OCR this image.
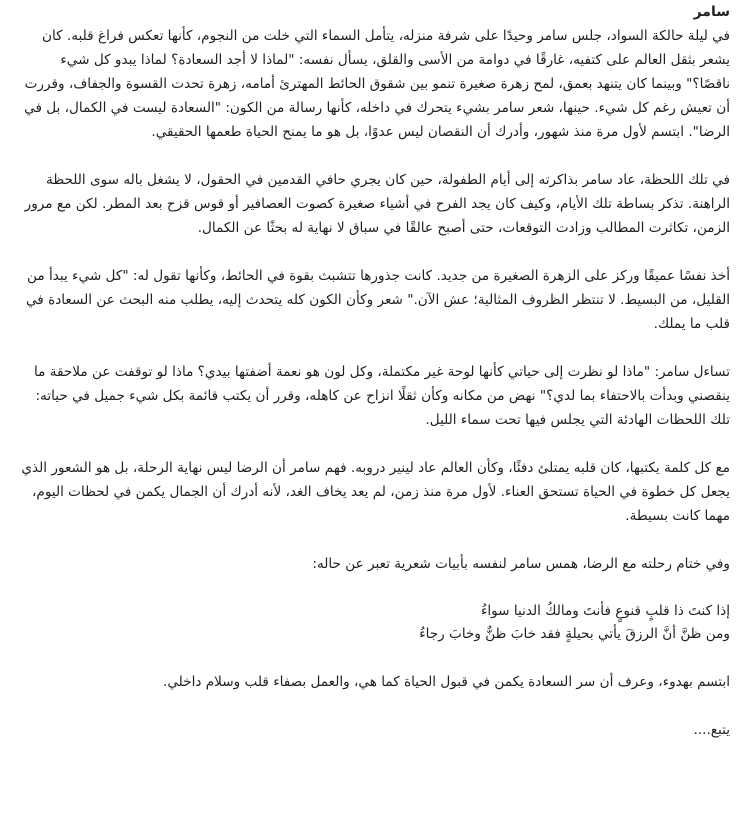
سامر

في ليلة حالكة السواد، جلس سامر وحيدًا على شرفة منزله، يتأمل السماء التي خلت من النجوم، كأنها تعكس فراغ قلبه. كان يشعر بثقل العالم على كتفيه، غارقًا في دوامة من الأسى والقلق، يسأل نفسه: "لماذا لا أجد السعادة؟ لماذا يبدو كل شيء ناقصًا؟" وبينما كان يتنهد بعمق، لمح زهرة صغيرة تنمو بين شقوق الحائط المهترئ أمامه، زهرة تحدت القسوة والجفاف، وقررت أن تعيش رغم كل شيء. حينها، شعر سامر بشيء يتحرك في داخله، كأنها رسالة من الكون: "السعادة ليست في الكمال، بل في الرضا". ابتسم لأول مرة منذ شهور، وأدرك أن النقصان ليس عدوًا، بل هو ما يمنح الحياة طعمها الحقيقي.

في تلك اللحظة، عاد سامر بذاكرته إلى أيام الطفولة، حين كان يجري حافي القدمين في الحقول، لا يشغل باله سوى اللحظة الراهنة. تذكر بساطة تلك الأيام، وكيف كان يجد الفرح في أشياء صغيرة كصوت العصافير أو قوس قزح بعد المطر. لكن مع مرور الزمن، تكاثرت المطالب وزادت التوقعات، حتى أصبح عالقًا في سباق لا نهاية له بحثًا عن الكمال.

أخذ نفسًا عميقًا وركز على الزهرة الصغيرة من جديد. كانت جذورها تتشبث بقوة في الحائط، وكأنها تقول له: "كل شيء يبدأ من القليل، من البسيط. لا تنتظر الظروف المثالية؛ عش الآن." شعر وكأن الكون كله يتحدث إليه، يطلب منه البحث عن السعادة في قلب ما يملك.

تساءل سامر: "ماذا لو نظرت إلى حياتي كأنها لوحة غير مكتملة، وكل لون هو نعمة أضفتها بيدي؟ ماذا لو توقفت عن ملاحقة ما ينقصني وبدأت بالاحتفاء بما لدي؟" نهض من مكانه وكأن ثقلًا انزاح عن كاهله، وقرر أن يكتب قائمة بكل شيء جميل في حياته: تلك اللحظات الهادئة التي يجلس فيها تحت سماء الليل.

مع كل كلمة يكتبها، كان قلبه يمتلئ دفئًا، وكأن العالم عاد لينير دروبه. فهم سامر أن الرضا ليس نهاية الرحلة، بل هو الشعور الذي يجعل كل خطوة في الحياة تستحق العناء. لأول مرة منذ زمن، لم يعد يخاف الغد، لأنه أدرك أن الجمال يكمن في لحظات اليوم، مهما كانت بسيطة.

وفي ختام رحلته مع الرضا، همس سامر لنفسه بأبيات شعرية تعبر عن حاله:

إذا كنتَ ذا قلبٍ قنوعٍ فأنتَ ومالكُ الدنيا سواءُ

ومن ظنَّ أنَّ الرزقَ يأتي بحيلةٍ فقد خابَ ظنٌّ وخابَ رجاءُ

ابتسم بهدوء، وعرف أن سر السعادة يكمن في قبول الحياة كما هي، والعمل بصفاء قلب وسلام داخلي.

يتبع....
